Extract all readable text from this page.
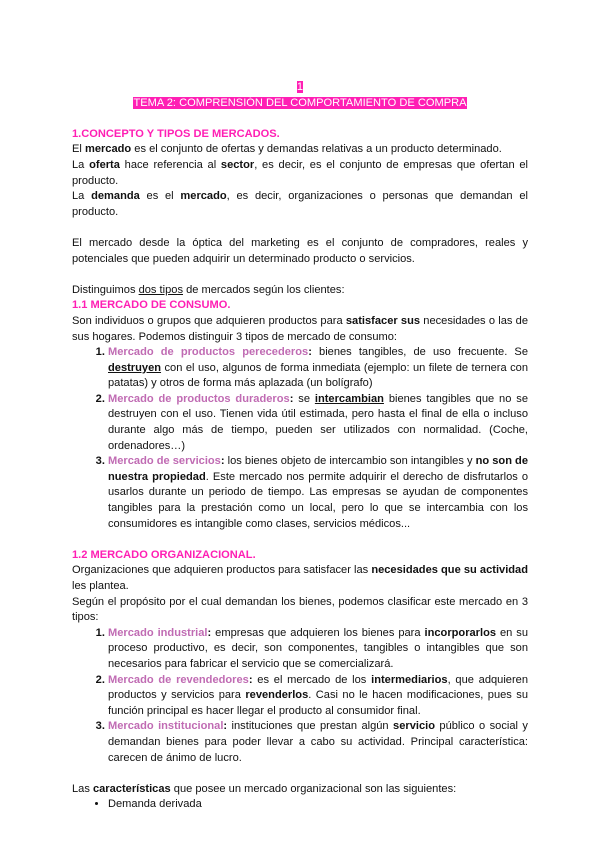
1

TEMA 2: COMPRENSIÓN DEL COMPORTAMIENTO DE COMPRA

1.CONCEPTO Y TIPOS DE MERCADOS.

El mercado es el conjunto de ofertas y demandas relativas a un producto determinado.

La oferta hace referencia al sector, es decir, es el conjunto de empresas que ofertan el producto.

La demanda es el mercado, es decir, organizaciones o personas que demandan el producto.

El mercado desde la óptica del marketing es el conjunto de compradores, reales y potenciales que pueden adquirir un determinado producto o servicios.

Distinguimos dos tipos de mercados según los clientes:

1.1 MERCADO DE CONSUMO.

Son individuos o grupos que adquieren productos para satisfacer sus necesidades o las de sus hogares. Podemos distinguir 3 tipos de mercado de consumo:

1. Mercado de productos perecederos: bienes tangibles, de uso frecuente. Se destruyen con el uso, algunos de forma inmediata (ejemplo: un filete de ternera con patatas) y otros de forma más aplazada (un bolígrafo)
2. Mercado de productos duraderos: se intercambian bienes tangibles que no se destruyen con el uso. Tienen vida útil estimada, pero hasta el final de ella o incluso durante algo más de tiempo, pueden ser utilizados con normalidad. (Coche, ordenadores…)
3. Mercado de servicios: los bienes objeto de intercambio son intangibles y no son de nuestra propiedad. Este mercado nos permite adquirir el derecho de disfrutarlos o usarlos durante un periodo de tiempo. Las empresas se ayudan de componentes tangibles para la prestación como un local, pero lo que se intercambia con los consumidores es intangible como clases, servicios médicos...

1.2 MERCADO ORGANIZACIONAL.

Organizaciones que adquieren productos para satisfacer las necesidades que su actividad les plantea.

Según el propósito por el cual demandan los bienes, podemos clasificar este mercado en 3 tipos:

1. Mercado industrial: empresas que adquieren los bienes para incorporarlos en su proceso productivo, es decir, son componentes, tangibles o intangibles que son necesarios para fabricar el servicio que se comercializará.
2. Mercado de revendedores: es el mercado de los intermediarios, que adquieren productos y servicios para revenderlos. Casi no le hacen modificaciones, pues su función principal es hacer llegar el producto al consumidor final.
3. Mercado institucional: instituciones que prestan algún servicio público o social y demandan bienes para poder llevar a cabo su actividad. Principal característica: carecen de ánimo de lucro.

Las características que posee un mercado organizacional son las siguientes:

• Demanda derivada
